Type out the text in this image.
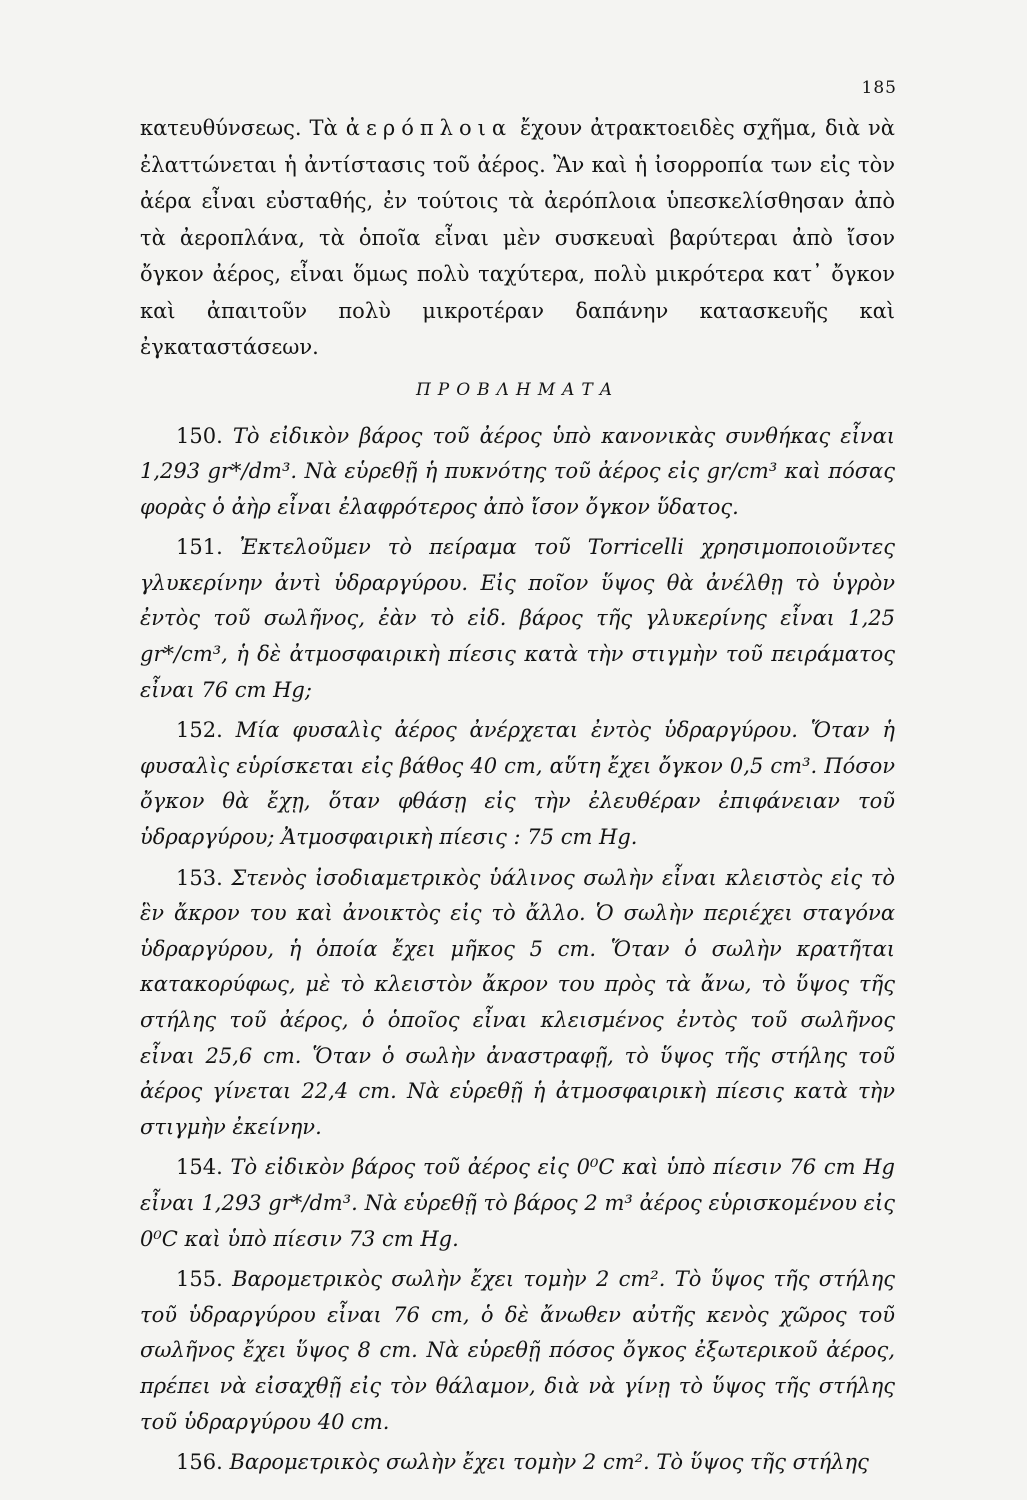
185

κατευθύνσεως. Τὰ ἀερόπλοια ἔχουν ἀτρακτοειδὲς σχῆμα, διὰ νὰ ἐλαττώνεται ἡ ἀντίστασις τοῦ ἀέρος. Ἂν καὶ ἡ ἰσορροπία των εἰς τὸν ἀέρα εἶναι εὐσταθής, ἐν τούτοις τὰ ἀερόπλοια ὑπεσκελίσθησαν ἀπὸ τὰ ἀεροπλάνα, τὰ ὁποῖα εἶναι μὲν συσκευαὶ βαρύτεραι ἀπὸ ἴσον ὄγκον ἀέρος, εἶναι ὅμως πολὺ ταχύτερα, πολὺ μικρότερα κατ᾽ ὄγκον καὶ ἀπαιτοῦν πολὺ μικροτέραν δαπάνην κατασκευῆς καὶ ἐγκαταστάσεων.

ΠΡΟΒΛΗΜΑΤΑ

150. Τὸ εἰδικὸν βάρος τοῦ ἀέρος ὑπὸ κανονικὰς συνθήκας εἶναι 1,293 gr*/dm³. Νὰ εὑρεθῇ ἡ πυκνότης τοῦ ἀέρος εἰς gr/cm³ καὶ πόσας φορὰς ὁ ἀὴρ εἶναι ἐλαφρότερος ἀπὸ ἴσον ὄγκον ὕδατος.

151. Ἐκτελοῦμεν τὸ πείραμα τοῦ Torricelli χρησιμοποιοῦντες γλυκερίνην ἀντὶ ὑδραργύρου. Εἰς ποῖον ὕψος θὰ ἀνέλθῃ τὸ ὑγρὸν ἐντὸς τοῦ σωλῆνος, ἐὰν τὸ εἰδ. βάρος τῆς γλυκερίνης εἶναι 1,25 gr*/cm³, ἡ δὲ ἀτμοσφαιρικὴ πίεσις κατὰ τὴν στιγμὴν τοῦ πειράματος εἶναι 76 cm Hg;

152. Μία φυσαλὶς ἀέρος ἀνέρχεται ἐντὸς ὑδραργύρου. Ὅταν ἡ φυσαλὶς εὑρίσκεται εἰς βάθος 40 cm, αὕτη ἔχει ὄγκον 0,5 cm³. Πόσον ὄγκον θὰ ἔχῃ, ὅταν φθάσῃ εἰς τὴν ἐλευθέραν ἐπιφάνειαν τοῦ ὑδραργύρου; Ἀτμοσφαιρικὴ πίεσις : 75 cm Hg.

153. Στενὸς ἰσοδιαμετρικὸς ὑάλινος σωλὴν εἶναι κλειστὸς εἰς τὸ ἓν ἄκρον του καὶ ἀνοικτὸς εἰς τὸ ἄλλο. Ὁ σωλὴν περιέχει σταγόνα ὑδραργύρου, ἡ ὁποία ἔχει μῆκος 5 cm. Ὅταν ὁ σωλὴν κρατῆται κατακορύφως, μὲ τὸ κλειστὸν ἄκρον του πρὸς τὰ ἄνω, τὸ ὕψος τῆς στήλης τοῦ ἀέρος, ὁ ὁποῖος εἶναι κλεισμένος ἐντὸς τοῦ σωλῆνος εἶναι 25,6 cm. Ὅταν ὁ σωλὴν ἀναστραφῇ, τὸ ὕψος τῆς στήλης τοῦ ἀέρος γίνεται 22,4 cm. Νὰ εὑρεθῇ ἡ ἀτμοσφαιρικὴ πίεσις κατὰ τὴν στιγμὴν ἐκείνην.

154. Τὸ εἰδικὸν βάρος τοῦ ἀέρος εἰς 0⁰C καὶ ὑπὸ πίεσιν 76 cm Hg εἶναι 1,293 gr*/dm³. Νὰ εὑρεθῇ τὸ βάρος 2 m³ ἀέρος εὑρισκομένου εἰς 0⁰C καὶ ὑπὸ πίεσιν 73 cm Hg.

155. Βαρομετρικὸς σωλὴν ἔχει τομὴν 2 cm². Τὸ ὕψος τῆς στήλης τοῦ ὑδραργύρου εἶναι 76 cm, ὁ δὲ ἄνωθεν αὐτῆς κενὸς χῶρος τοῦ σωλῆνος ἔχει ὕψος 8 cm. Νὰ εὑρεθῇ πόσος ὄγκος ἐξωτερικοῦ ἀέρος, πρέπει νὰ εἰσαχθῇ εἰς τὸν θάλαμον, διὰ νὰ γίνῃ τὸ ὕψος τῆς στήλης τοῦ ὑδραργύρου 40 cm.

156. Βαρομετρικὸς σωλὴν ἔχει τομὴν 2 cm². Τὸ ὕψος τῆς στήλης
